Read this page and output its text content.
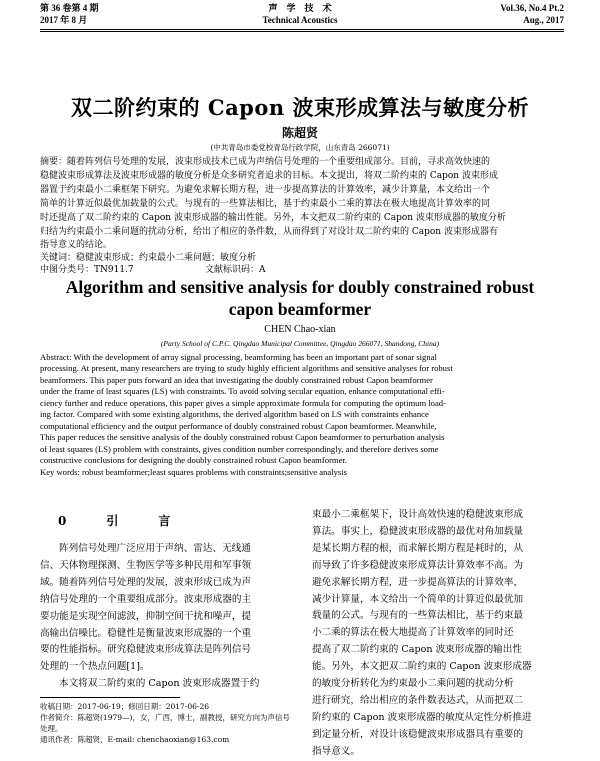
第 36 卷第 4 期
2017 年 8 月
声　学　技　术
Technical Acoustics
Vol.36, No.4 Pt.2
Aug., 2017
双二阶约束的 Capon 波束形成算法与敏度分析
陈超贤
(中共青岛市委党校青岛行政学院，山东青岛 266071)
摘要：随着阵列信号处理的发展，波束形成技术已成为声纳信号处理的一个重要组成部分。目前，寻求高效快速的
稳健波束形成算法及波束形成器的敏度分析是众多研究者追求的目标。本文提出，将双二阶约束的 Capon 波束形成
器置于约束最小二乘框架下研究。为避免求解长期方程，进一步提高算法的计算效率，减少计算量，本文给出一个
简单的计算近似最优加载量的公式。与现有的一些算法相比，基于约束最小二乘的算法在极大地提高计算效率的同
时还提高了双二阶约束的 Capon 波束形成器的输出性能。另外，本文把双二阶约束的 Capon 波束形成器的敏度分析
归结为约束最小二乘问题的扰动分析，给出了相应的条件数，从而得到了对设计双二阶约束的 Capon 波束形成器有
指导意义的结论。
关键词：稳健波束形成；约束最小二乘问题；敏度分析
中图分类号：TN911.7	文献标识码：A
Algorithm and sensitive analysis for doubly constrained robust
capon beamformer
CHEN Chao-xian
(Party School of C.P.C. Qingdao Municipal Committee, Qingdao 266071, Shandong, China)
Abstract: With the development of array signal processing, beamforming has been an important part of sonar signal
processing. At present, many researchers are trying to study highly efficient algorithms and sensitive analyses for robust
beamformers. This paper puts forward an idea that investigating the doubly constrained robust Capon beamformer
under the frame of least squares (LS) with constraints. To avoid solving secular equation, enhance computational effi-
ciency further and reduce operations, this paper gives a simple approximate formula for computing the optimum load-
ing factor. Compared with some existing algorithms, the derived algorithm based on LS with constraints enhance
computational efficiency and the output performance of doubly constrained robust Capon beamformer. Meanwhile,
This paper reduces the sensitive analysis of the doubly constrained robust Capon beamformer to perturbation analysis
of least squares (LS) problem with constraints, gives condition number correspondingly, and therefore derives some
constructive conclusions for designing the doubly constrained robust Capon beamformer.
Key words: robust beamformer;least squares problems with constraints;sensitive analysis
0　引　言
阵列信号处理广泛应用于声纳、雷达、无线通
信、天体物理探测、生物医学等多种民用和军事领
域。随着阵列信号处理的发展，波束形成已成为声
纳信号处理的一个重要组成部分。波束形成器的主
要功能是实现空间滤波，抑制空间干扰和噪声，提
高输出信噪比。稳健性是衡量波束形成器的一个重
要的性能指标。研究稳健波束形成算法是阵列信号
处理的一个热点问题[1]。
本文将双二阶约束的 Capon 波束形成器置于约
收稿日期：2017-06-19；修回日期：2017-06-26
作者简介：陈超贤(1979—)，女，广西，博士，副教授，研究方向为声信号处理。
通讯作者：陈超贤，E-mail: chenchaoxian@163.com
束最小二乘框架下，设计高效快速的稳健波束形成
算法。事实上，稳健波束形成器的最优对角加载量
是某长期方程的根，而求解长期方程是耗时的，从
而导致了许多稳健波束形成算法计算效率不高。为
避免求解长期方程，进一步提高算法的计算效率，
减少计算量，本文给出一个简单的计算近似最优加
载量的公式。与现有的一些算法相比，基于约束最
小二乘的算法在极大地提高了计算效率的同时还
提高了双二阶约束的 Capon 波束形成器的输出性
能。另外，本文把双二阶约束的 Capon 波束形成器
的敏度分析转化为约束最小二乘问题的扰动分析
进行研究，给出相应的条件数表达式，从而把双二
阶约束的 Capon 波束形成器的敏度从定性分析推进
到定量分析，对设计该稳健波束形成器具有重要的
指导意义。
